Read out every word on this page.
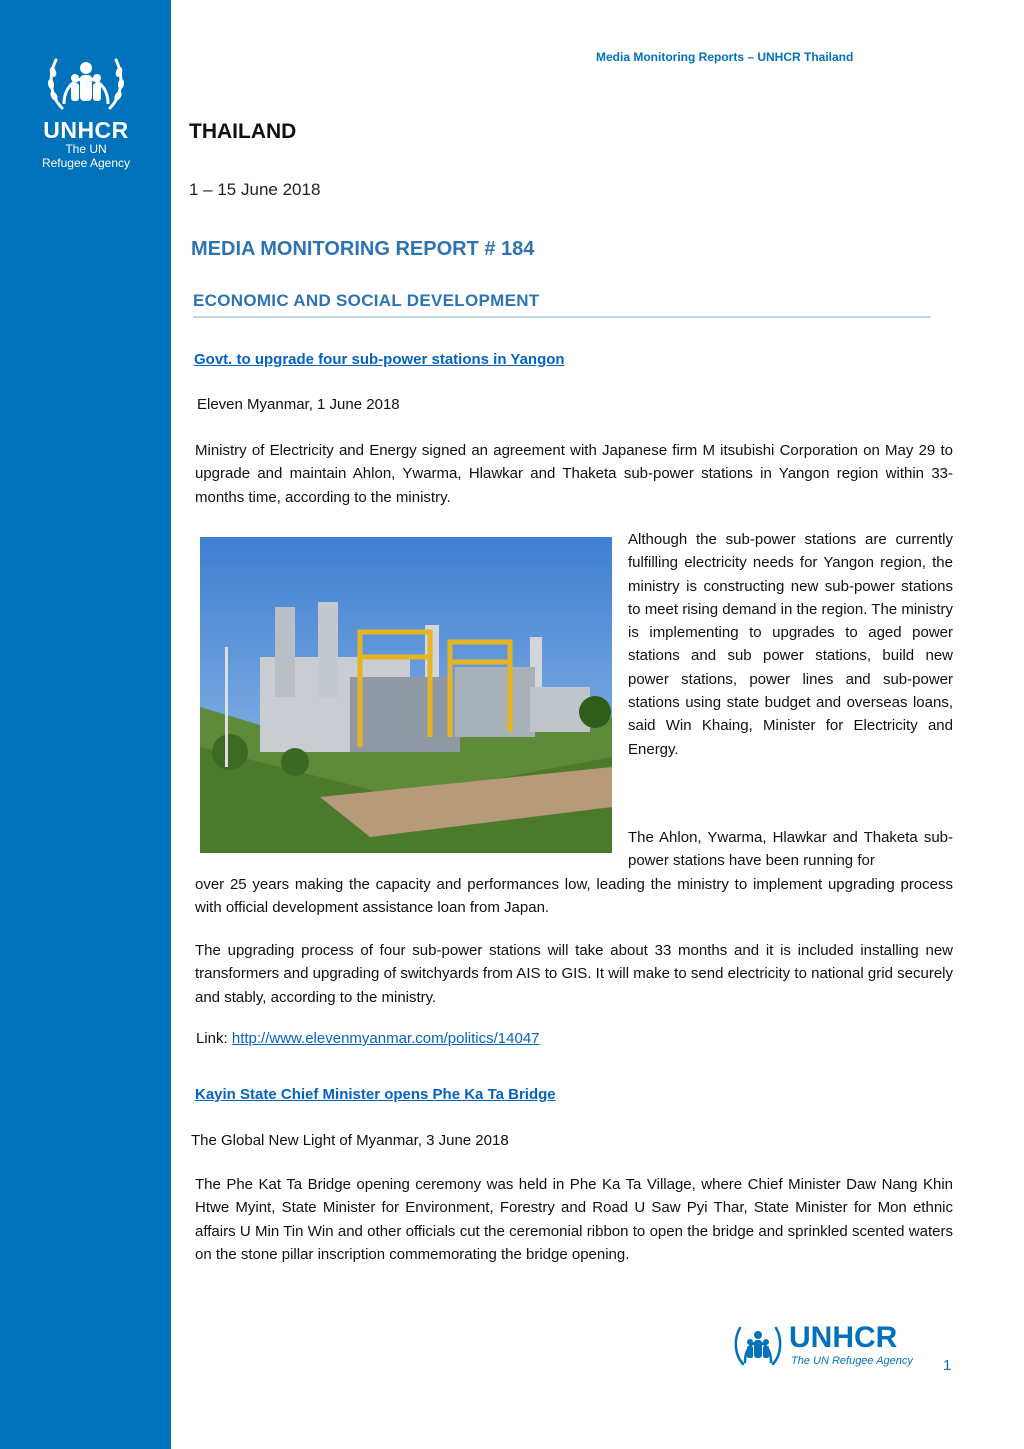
UNHCR
The UN
Refugee Agency
Media Monitoring Reports – UNHCR Thailand
THAILAND
1 – 15 June 2018
MEDIA MONITORING REPORT # 184
ECONOMIC AND SOCIAL DEVELOPMENT
Govt. to upgrade four sub-power stations in Yangon
Eleven Myanmar, 1 June 2018
Ministry of Electricity and Energy signed an agreement with Japanese firm M itsubishi Corporation on May 29 to upgrade and maintain Ahlon, Ywarma, Hlawkar and Thaketa sub-power stations in Yangon region within 33-months time, according to the ministry.
Although the sub-power stations are currently fulfilling electricity needs for Yangon region, the ministry is constructing new sub-power stations to meet rising demand in the region. The ministry is implementing to upgrades to aged power stations and sub power stations, build new power stations, power lines and sub-power stations using state budget and overseas loans, said Win Khaing, Minister for Electricity and Energy.
The Ahlon, Ywarma, Hlawkar and Thaketa sub-power stations have been running for
over 25 years making the capacity and performances low, leading the ministry to implement upgrading process with official development assistance loan from Japan.
The upgrading process of four sub-power stations will take about 33 months and it is included installing new transformers and upgrading of switchyards from AIS to GIS. It will make to send electricity to national grid securely and stably, according to the ministry.
Link: http://www.elevenmyanmar.com/politics/14047
Kayin State Chief Minister opens Phe Ka Ta Bridge
The Global New Light of Myanmar, 3 June 2018
The Phe Kat Ta Bridge opening ceremony was held in Phe Ka Ta Village, where Chief Minister Daw Nang Khin Htwe Myint, State Minister for Environment, Forestry and Road U Saw Pyi Thar, State Minister for Mon ethnic affairs U Min Tin Win and other officials cut the ceremonial ribbon to open the bridge and sprinkled scented waters on the stone pillar inscription commemorating the bridge opening.
UNHCR
The UN Refugee Agency 1
